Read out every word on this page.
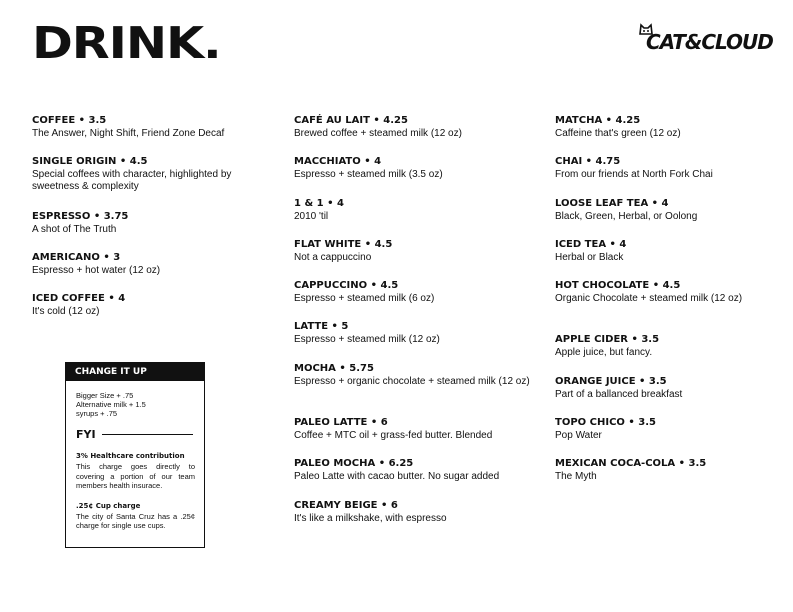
DRINK.	CAT&CLOUD
COFFEE • 3.5
The Answer, Night Shift, Friend Zone Decaf
SINGLE ORIGIN • 4.5
Special coffees with character, highlighted by sweetness & complexity
ESPRESSO • 3.75
A shot of The Truth
AMERICANO • 3
Espresso + hot water (12 oz)
ICED COFFEE • 4
It's cold (12 oz)
CAFÉ AU LAIT • 4.25
Brewed coffee + steamed milk (12 oz)
MACCHIATO • 4
Espresso + steamed milk (3.5 oz)
1 & 1 • 4
2010 'til
FLAT WHITE • 4.5
Not a cappuccino
CAPPUCCINO • 4.5
Espresso + steamed milk (6 oz)
LATTE • 5
Espresso + steamed milk (12 oz)
MOCHA • 5.75
Espresso + organic chocolate + steamed milk (12 oz)
PALEO LATTE • 6
Coffee + MTC oil + grass-fed butter. Blended
PALEO MOCHA • 6.25
Paleo Latte with cacao butter. No sugar added
CREAMY BEIGE • 6
It's like a milkshake, with espresso
MATCHA • 4.25
Caffeine that's green (12 oz)
CHAI • 4.75
From our friends at North Fork Chai
LOOSE LEAF TEA • 4
Black, Green, Herbal, or Oolong
ICED TEA • 4
Herbal or Black
HOT CHOCOLATE • 4.5
Organic Chocolate + steamed milk (12 oz)
APPLE CIDER • 3.5
Apple juice, but fancy.
ORANGE JUICE • 3.5
Part of a ballanced breakfast
TOPO CHICO • 3.5
Pop Water
MEXICAN COCA-COLA • 3.5
The Myth
CHANGE IT UP
Bigger Size + .75
Alternative milk + 1.5
syrups + .75
FYI
3% Healthcare contribution
This charge goes directly to covering a portion of our team members health insurace.
.25¢ Cup charge
The city of Santa Cruz has a .25¢ charge for single use cups.
